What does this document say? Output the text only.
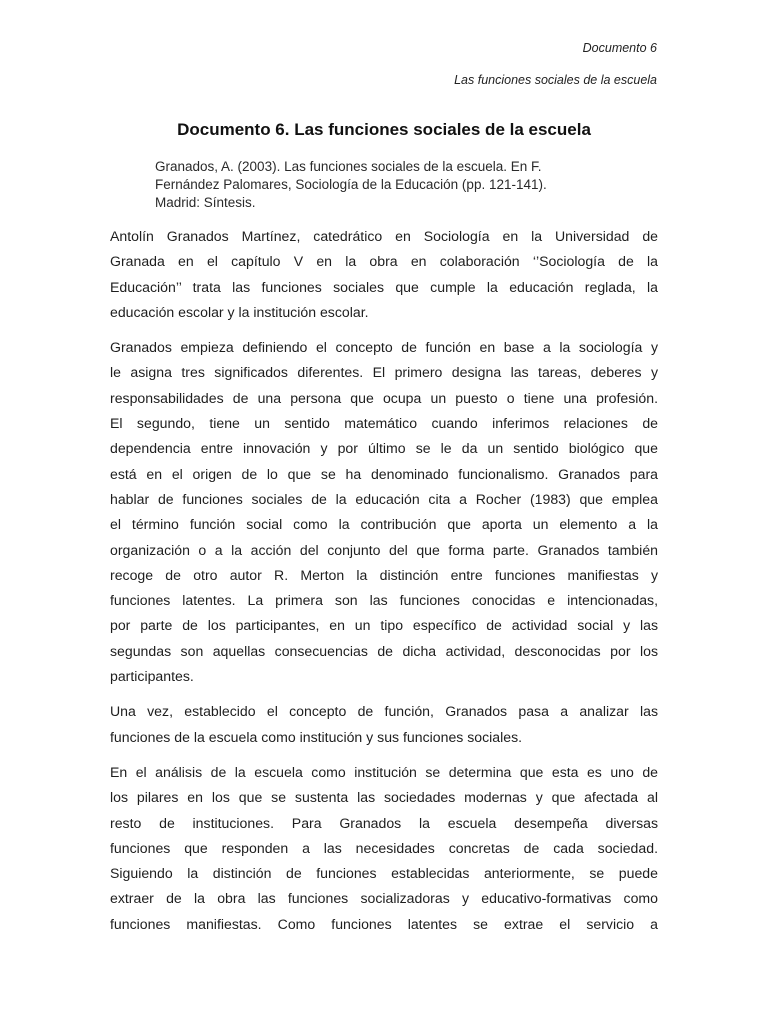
Documento 6
Las funciones sociales de la escuela
Documento 6. Las funciones sociales de la escuela
Granados, A. (2003). Las funciones sociales de la escuela. En F.
Fernández Palomares, Sociología de la Educación (pp. 121-141).
Madrid: Síntesis.

Antolín Granados Martínez, catedrático en Sociología en la Universidad de
Granada en el capítulo V en la obra en colaboración ‘’Sociología de la
Educación’’ trata las funciones sociales que cumple la educación reglada, la
educación escolar y la institución escolar.

Granados empieza definiendo el concepto de función en base a la sociología y
le asigna tres significados diferentes. El primero designa las tareas, deberes y
responsabilidades de una persona que ocupa un puesto o tiene una profesión.
El segundo, tiene un sentido matemático cuando inferimos relaciones de
dependencia entre innovación y por último se le da un sentido biológico que
está en el origen de lo que se ha denominado funcionalismo. Granados para
hablar de funciones sociales de la educación cita a Rocher (1983) que emplea
el término función social como la contribución que aporta un elemento a la
organización o a la acción del conjunto del que forma parte. Granados también
recoge de otro autor R. Merton la distinción entre funciones manifiestas y
funciones latentes. La primera son las funciones conocidas e intencionadas,
por parte de los participantes, en un tipo específico de actividad social y las
segundas son aquellas consecuencias de dicha actividad, desconocidas por los
participantes.

Una vez, establecido el concepto de función, Granados pasa a analizar las
funciones de la escuela como institución y sus funciones sociales.

En el análisis de la escuela como institución se determina que esta es uno de
los pilares en los que se sustenta las sociedades modernas y que afectada al
resto de instituciones. Para Granados la escuela desempeña diversas
funciones que responden a las necesidades concretas de cada sociedad.
Siguiendo la distinción de funciones establecidas anteriormente, se puede
extraer de la obra las funciones socializadoras y educativo-formativas como
funciones manifiestas. Como funciones latentes se extrae el servicio a
